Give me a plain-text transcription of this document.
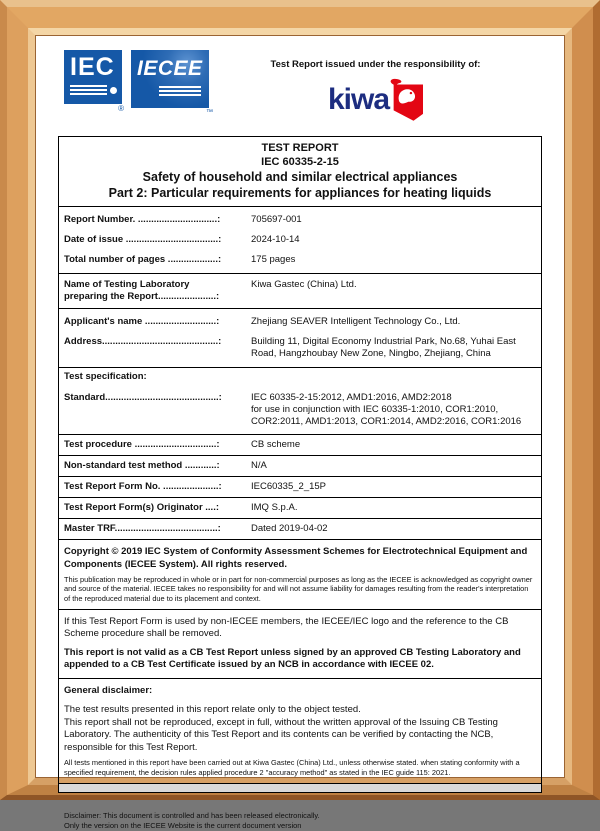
IEC
®
IECEE
™
Test Report issued under the responsibility of:
kiwa
TEST REPORT
IEC 60335-2-15
Safety of household and similar electrical appliances
Part 2: Particular requirements for appliances for heating liquids
Report Number. ..............................:	705697-001
Date of issue ...................................:	2024-10-14
Total number of pages ...................:	175 pages
Name of Testing Laboratory
preparing the Report......................:
Kiwa Gastec (China) Ltd.
Applicant's name ...........................:	Zhejiang SEAVER Intelligent Technology Co., Ltd.
Address............................................:	Building 11, Digital Economy Industrial Park, No.68, Yuhai East Road, Hangzhoubay New Zone, Ningbo, Zhejiang, China
Test specification:
Standard...........................................:	IEC 60335-2-15:2012, AMD1:2016, AMD2:2018
for use in conjunction with IEC 60335-1:2010, COR1:2010, COR2:2011, AMD1:2013, COR1:2014, AMD2:2016, COR1:2016
Test procedure ...............................:	CB scheme
Non-standard test method ............:	N/A
Test Report Form No. .....................:	IEC60335_2_15P
Test Report Form(s) Originator ....:	IMQ S.p.A.
Master TRF.......................................:	Dated 2019-04-02
Copyright © 2019 IEC System of Conformity Assessment Schemes for Electrotechnical Equipment and Components (IECEE System). All rights reserved.
This publication may be reproduced in whole or in part for non-commercial purposes as long as the IECEE is acknowledged as copyright owner and source of the material. IECEE takes no responsibility for and will not assume liability for damages resulting from the reader's interpretation of the reproduced material due to its placement and context.
If this Test Report Form is used by non-IECEE members, the IECEE/IEC logo and the reference to the CB Scheme procedure shall be removed.
This report is not valid as a CB Test Report unless signed by an approved CB Testing Laboratory and appended to a CB Test Certificate issued by an NCB in accordance with IECEE 02.
General disclaimer:
The test results presented in this report relate only to the object tested.
This report shall not be reproduced, except in full, without the written approval of the Issuing CB Testing Laboratory. The authenticity of this Test Report and its contents can be verified by contacting the NCB, responsible for this Test Report.
All tests mentioned in this report have been carried out at Kiwa Gastec (China) Ltd., unless otherwise stated. when stating conformity with a specified requirement, the decision rules applied procedure 2 "accuracy method" as stated in the IEC guide 115: 2021.
Disclaimer: This document is controlled and has been released electronically.
Only the version on the IECEE Website is the current document version
